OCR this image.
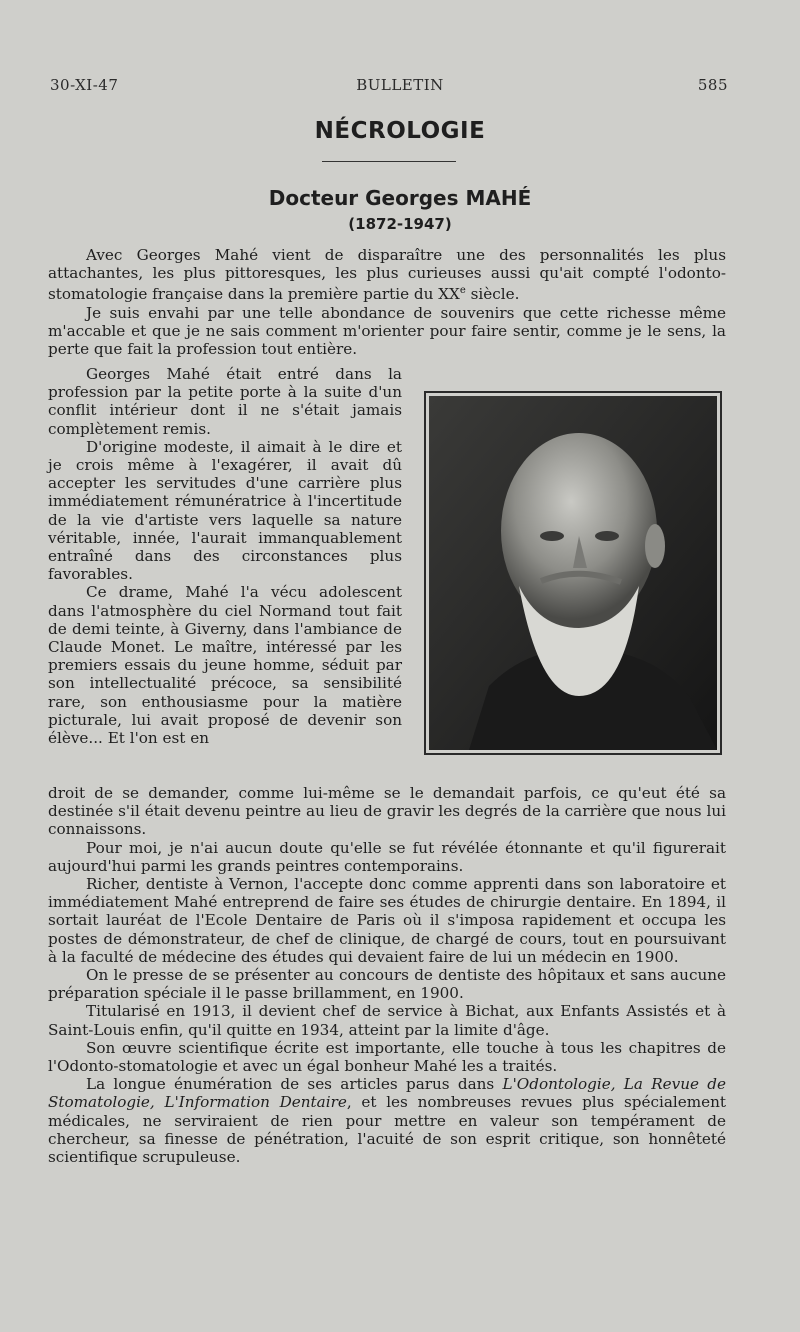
30-XI-47	BULLETIN	585
NÉCROLOGIE
Docteur Georges MAHÉ
(1872-1947)

Avec Georges Mahé vient de disparaître une des personnalités les plus attachantes, les plus pittoresques, les plus curieuses aussi qu'ait compté l'odonto-stomatologie française dans la première partie du XXe siècle.

Je suis envahi par une telle abondance de souvenirs que cette richesse même m'accable et que je ne sais comment m'orienter pour faire sentir, comme je le sens, la perte que fait la profession tout entière.

Georges Mahé était entré dans la profession par la petite porte à la suite d'un conflit intérieur dont il ne s'était jamais complètement remis.

D'origine modeste, il aimait à le dire et je crois même à l'exagérer, il avait dû accepter les servitudes d'une carrière plus immédiatement rémunératrice à l'incertitude de la vie d'artiste vers laquelle sa nature véritable, innée, l'aurait immanquablement entraîné dans des circonstances plus favorables.

Ce drame, Mahé l'a vécu adolescent dans l'atmosphère du ciel Normand tout fait de demi teinte, à Giverny, dans l'ambiance de Claude Monet. Le maître, intéressé par les premiers essais du jeune homme, séduit par son intellectualité précoce, sa sensibilité rare, son enthousiasme pour la matière picturale, lui avait proposé de devenir son élève... Et l'on est en

droit de se demander, comme lui-même se le demandait parfois, ce qu'eut été sa destinée s'il était devenu peintre au lieu de gravir les degrés de la carrière que nous lui connaissons.

Pour moi, je n'ai aucun doute qu'elle se fut révélée étonnante et qu'il figurerait aujourd'hui parmi les grands peintres contemporains.

Richer, dentiste à Vernon, l'accepte donc comme apprenti dans son laboratoire et immédiatement Mahé entreprend de faire ses études de chirurgie dentaire. En 1894, il sortait lauréat de l'Ecole Dentaire de Paris où il s'imposa rapidement et occupa les postes de démonstrateur, de chef de clinique, de chargé de cours, tout en poursuivant à la faculté de médecine des études qui devaient faire de lui un médecin en 1900.

On le presse de se présenter au concours de dentiste des hôpitaux et sans aucune préparation spéciale il le passe brillamment, en 1900.

Titularisé en 1913, il devient chef de service à Bichat, aux Enfants Assistés et à Saint-Louis enfin, qu'il quitte en 1934, atteint par la limite d'âge.

Son œuvre scientifique écrite est importante, elle touche à tous les chapitres de l'Odonto-stomatologie et avec un égal bonheur Mahé les a traités.

La longue énumération de ses articles parus dans L'Odontologie, La Revue de Stomatologie, L'Information Dentaire, et les nombreuses revues plus spécialement médicales, ne serviraient de rien pour mettre en valeur son tempérament de chercheur, sa finesse de pénétration, l'acuité de son esprit critique, son honnêteté scientifique scrupuleuse.
